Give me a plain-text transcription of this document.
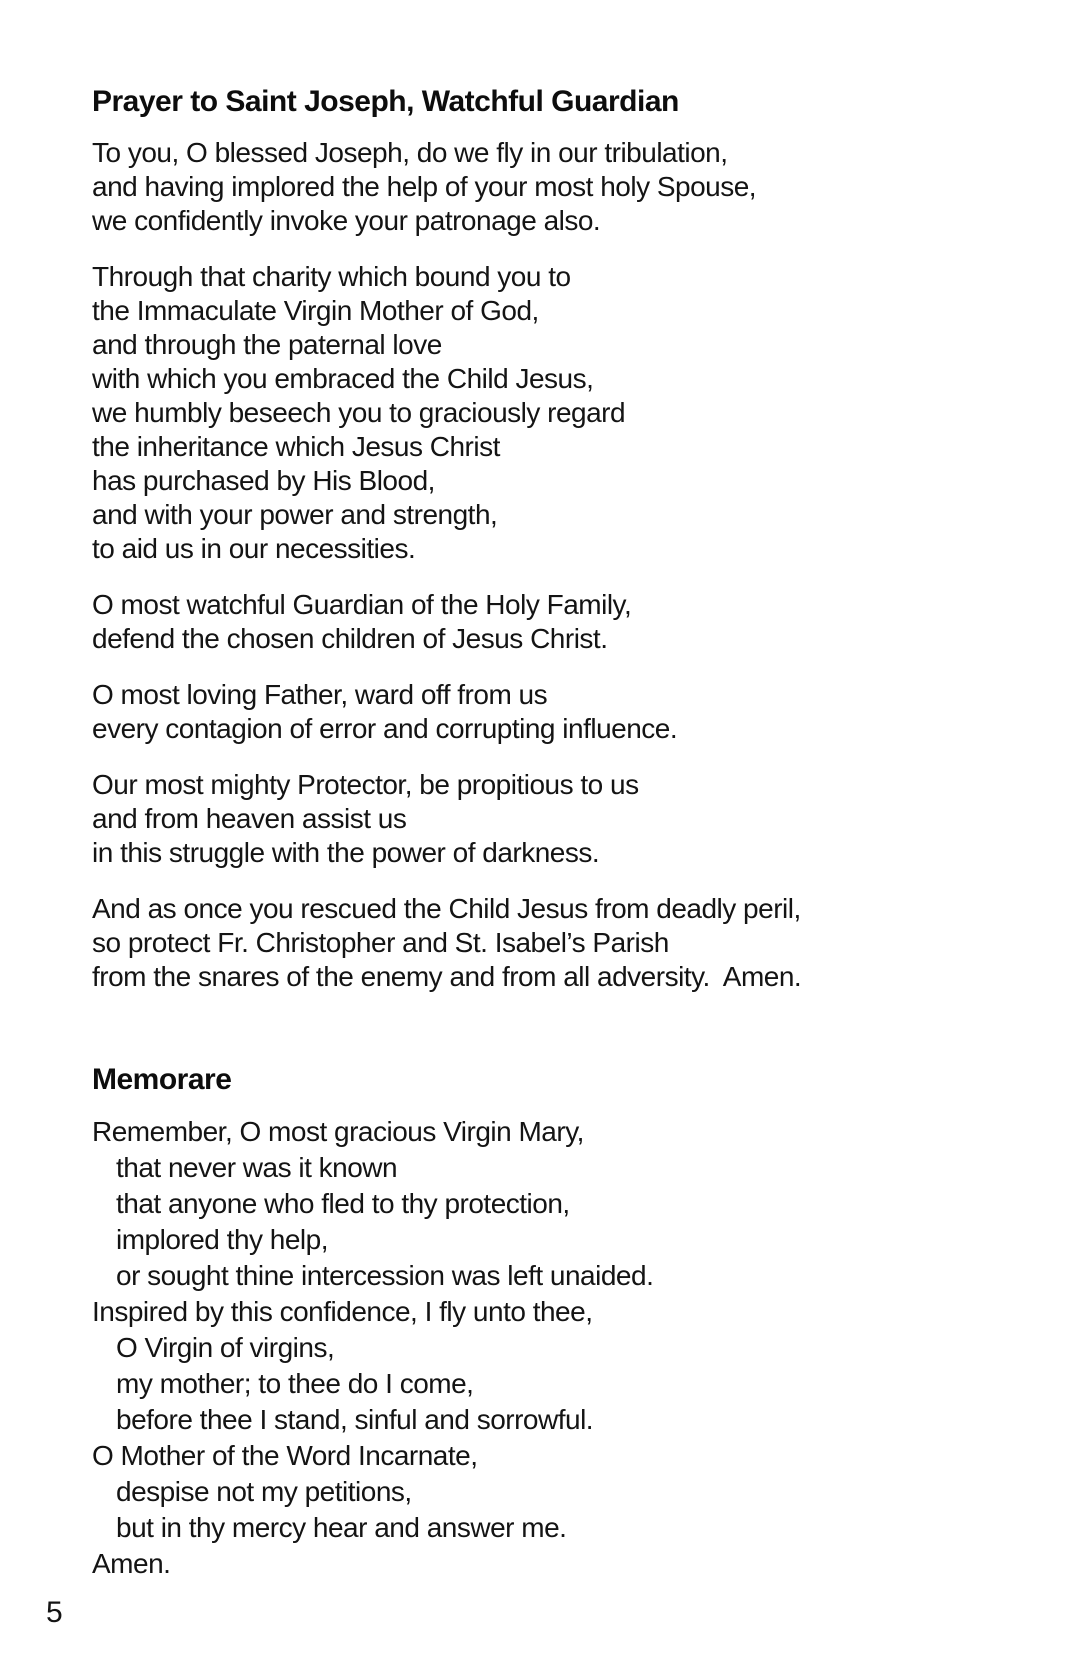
Prayer to Saint Joseph, Watchful Guardian
To you, O blessed Joseph, do we fly in our tribulation,
and having implored the help of your most holy Spouse,
we confidently invoke your patronage also.
Through that charity which bound you to
the Immaculate Virgin Mother of God,
and through the paternal love
with which you embraced the Child Jesus,
we humbly beseech you to graciously regard
the inheritance which Jesus Christ
has purchased by His Blood,
and with your power and strength,
to aid us in our necessities.
O most watchful Guardian of the Holy Family,
defend the chosen children of Jesus Christ.
O most loving Father, ward off from us
every contagion of error and corrupting influence.
Our most mighty Protector, be propitious to us
and from heaven assist us
in this struggle with the power of darkness.
And as once you rescued the Child Jesus from deadly peril,
so protect Fr. Christopher and St. Isabel’s Parish
from the snares of the enemy and from all adversity.  Amen.
Memorare
Remember, O most gracious Virgin Mary,
that never was it known
that anyone who fled to thy protection,
implored thy help,
or sought thine intercession was left unaided.
Inspired by this confidence, I fly unto thee,
O Virgin of virgins,
my mother; to thee do I come,
before thee I stand, sinful and sorrowful.
O Mother of the Word Incarnate,
despise not my petitions,
but in thy mercy hear and answer me.
Amen.
5
